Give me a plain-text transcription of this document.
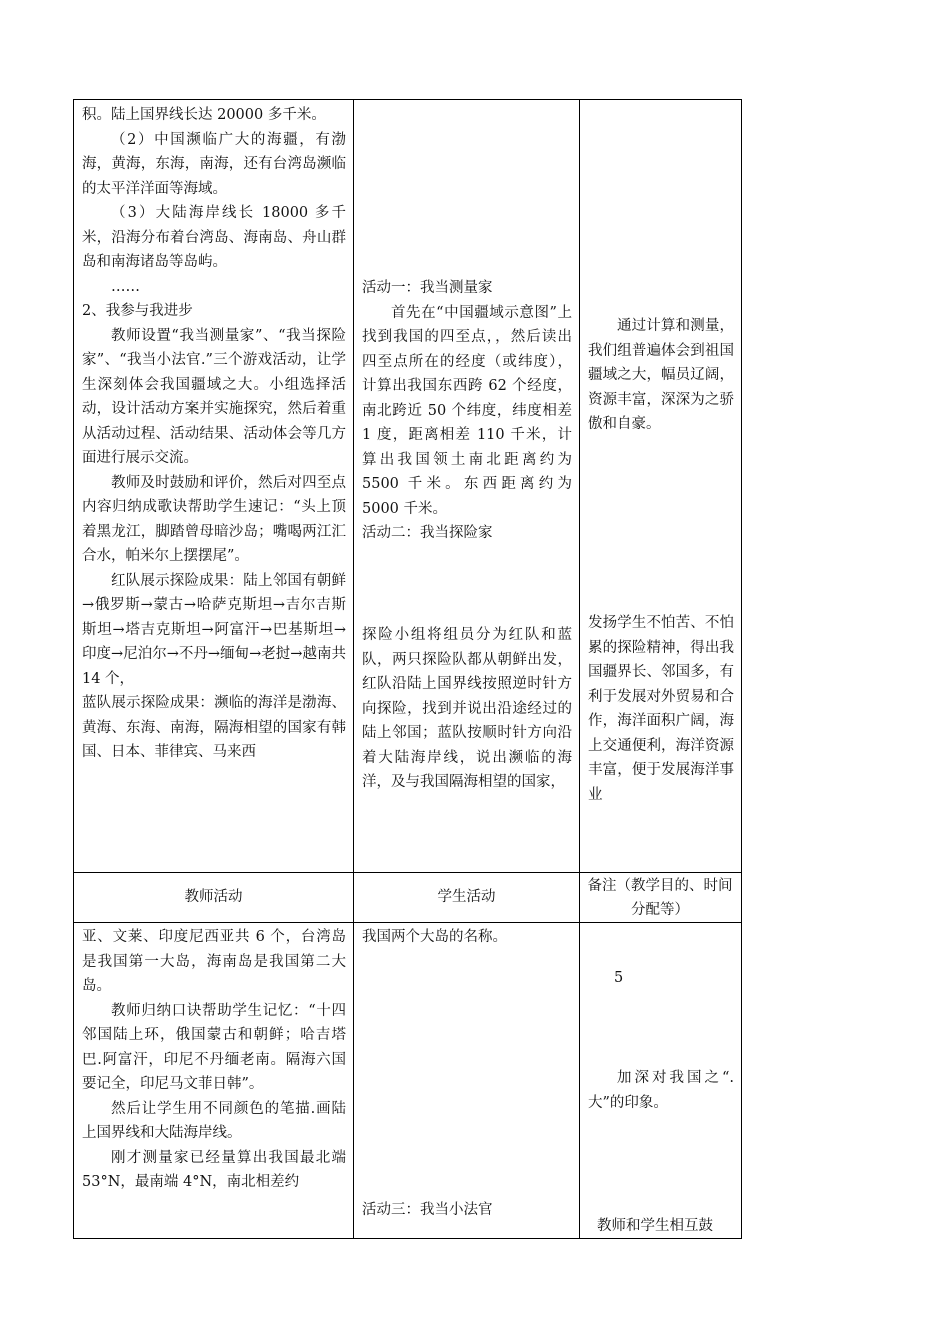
积。陆上国界线长达 20000 多千米。

（2）中国濒临广大的海疆，有渤海，黄海，东海，南海，还有台湾岛濒临的太平洋洋面等海域。

（3）大陆海岸线长 18000 多千米，沿海分布着台湾岛、海南岛、舟山群岛和南海诸岛等岛屿。

……

2、我参与我进步

教师设置“我当测量家”、“我当探险家”、“我当小法官.”三个游戏活动，让学生深刻体会我国疆域之大。小组选择活动，设计活动方案并实施探究，然后着重从活动过程、活动结果、活动体会等几方面进行展示交流。

教师及时鼓励和评价，然后对四至点内容归纳成歌诀帮助学生速记：“头上顶着黑龙江，脚踏曾母暗沙岛；嘴喝两江汇合水，帕米尔上摆摆尾”。

红队展示探险成果：陆上邻国有朝鲜→俄罗斯→蒙古→哈萨克斯坦→吉尔吉斯斯坦→塔吉克斯坦→阿富汗→巴基斯坦→印度→尼泊尔→不丹→缅甸→老挝→越南共 14 个，

蓝队展示探险成果：濒临的海洋是渤海、黄海、东海、南海，隔海相望的国家有韩国、日本、菲律宾、马来西

活动一：我当测量家

首先在“中国疆域示意图”上找到我国的四至点，，然后读出四至点所在的经度（或纬度），计算出我国东西跨 62 个经度，南北跨近 50 个纬度，纬度相差 1 度，距离相差 110 千米，计算出我国领土南北距离约为 5500 千米。东西距离约为 5000 千米。

活动二：我当探险家

探险小组将组员分为红队和蓝队，两只探险队都从朝鲜出发，红队沿陆上国界线按照逆时针方向探险，找到并说出沿途经过的陆上邻国；蓝队按顺时针方向沿着大陆海岸线，说出濒临的海洋，及与我国隔海相望的国家，

通过计算和测量，我们组普遍体会到祖国疆域之大，幅员辽阔，资源丰富，深深为之骄傲和自豪。

发扬学生不怕苦、不怕累的探险精神，得出我国疆界长、邻国多，有利于发展对外贸易和合作，海洋面积广阔，海上交通便利，海洋资源丰富，便于发展海洋事业

教师活动	学生活动
备注（教学目的、时间分配等）

亚、文莱、印度尼西亚共 6 个，台湾岛是我国第一大岛，海南岛是我国第二大岛。

教师归纳口诀帮助学生记忆：“十四邻国陆上环，俄国蒙古和朝鲜；哈吉塔巴.阿富汗，印尼不丹缅老南。隔海六国要记全，印尼马文菲日韩”。

然后让学生用不同颜色的笔描.画陆上国界线和大陆海岸线。

刚才测量家已经量算出我国最北端 53°N，最南端 4°N，南北相差约

我国两个大岛的名称。

活动三：我当小法官

5

加深对我国之“.大”的印象。

教师和学生相互鼓
